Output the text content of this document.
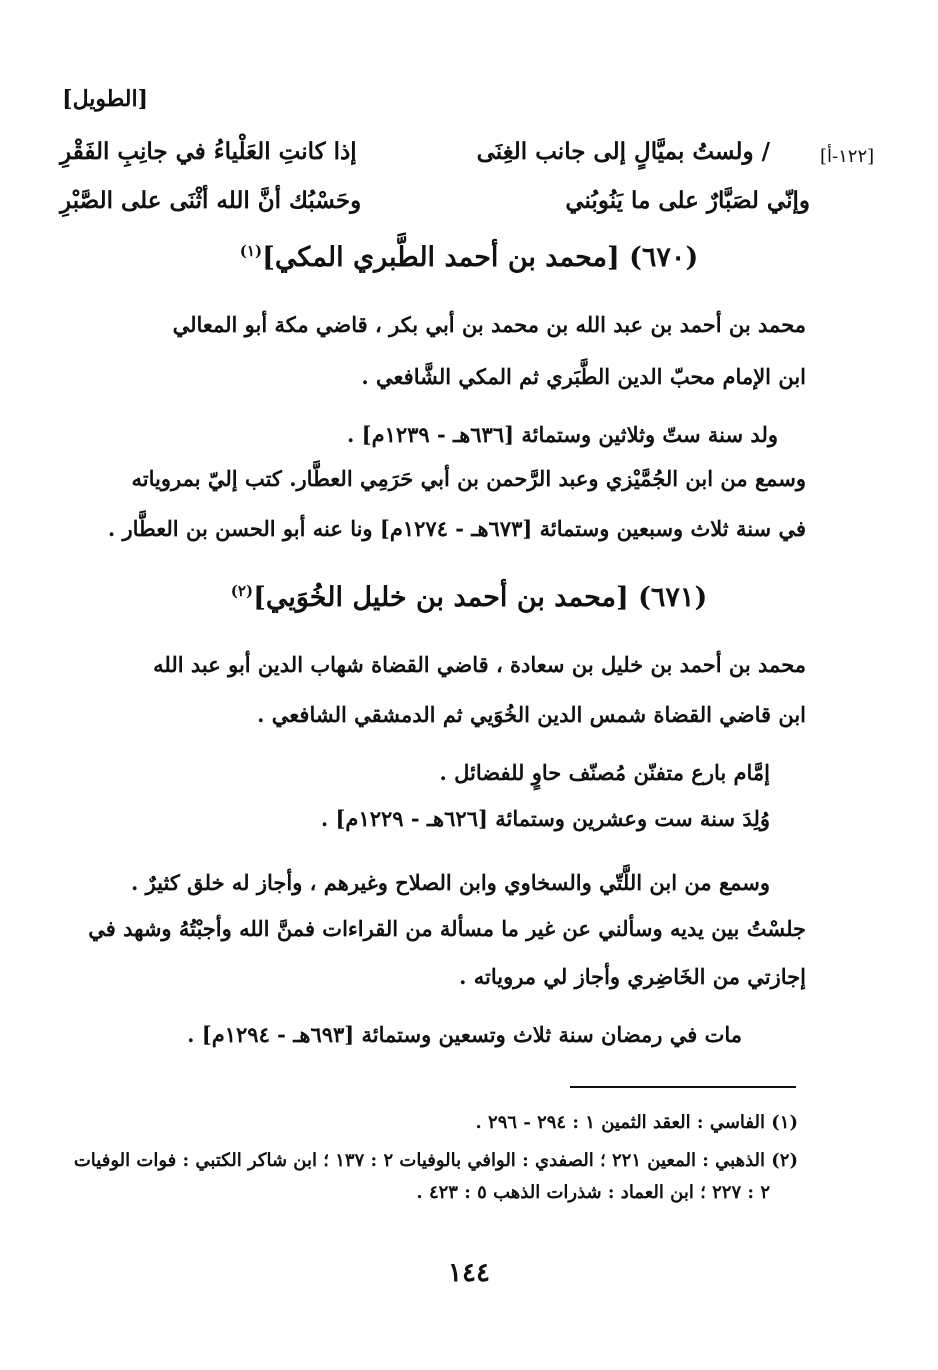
[الطويل]
[١٢٢-أ]
/ ولستُ بميَّالٍ إلى جانب الغِنَى
إذا كانتِ العَلْياءُ في جانِبِ الفَقْرِ
وإنّي لصَبَّارٌ على ما يَنُوبُني
وحَسْبُك أنَّ الله أثْنَى على الصَّبْرِ
(٦٧٠) [محمد بن أحمد الطَّبري المكي]$^{(١)}$
محمد بن أحمد بن عبد الله بن محمد بن أبي بكر ، قاضي مكة أبو المعالي
ابن الإمام محبّ الدين الطَّبَري ثم المكي الشَّافعي .
ولد سنة ستّ وثلاثين وستمائة [٦٣٦هـ - ١٢٣٩م] .
وسمع من ابن الجُمَّيْزي وعبد الرَّحمن بن أبي حَرَمِي العطَّار. كتب إليّ بمروياته
في سنة ثلاث وسبعين وستمائة [٦٧٣هـ - ١٢٧٤م] ونا عنه أبو الحسن بن العطَّار .
(٦٧١) [محمد بن أحمد بن خليل الخُوَيي]$^{(٢)}$
محمد بن أحمد بن خليل بن سعادة ، قاضي القضاة شهاب الدين أبو عبد الله
ابن قاضي القضاة شمس الدين الخُوَيي ثم الدمشقي الشافعي .
إمَّام بارع متفنّن مُصنّف حاوٍ للفضائل .
وُلِدَ سنة ست وعشرين وستمائة [٦٢٦هـ - ١٢٢٩م] .
وسمع من ابن اللَّتّي والسخاوي وابن الصلاح وغيرهم ، وأجاز له خلق كثيرٌ .
جلسْتُ بين يديه وسألني عن غير ما مسألة من القراءات فمنَّ الله وأجبْتُهُ وشهد في
إجازتي من الخَاضِري وأجاز لي مروياته .
مات في رمضان سنة ثلاث وتسعين وستمائة [٦٩٣هـ - ١٢٩٤م] .
(١) الفاسي : العقد الثمين ١ : ٢٩٤ - ٢٩٦ .
(٢) الذهبي : المعين ٢٢١ ؛ الصفدي : الوافي بالوفيات ٢ : ١٣٧ ؛ ابن شاكر الكتبي : فوات الوفيات
٢ : ٢٢٧ ؛ ابن العماد : شذرات الذهب ٥ : ٤٢٣ .
١٤٤
